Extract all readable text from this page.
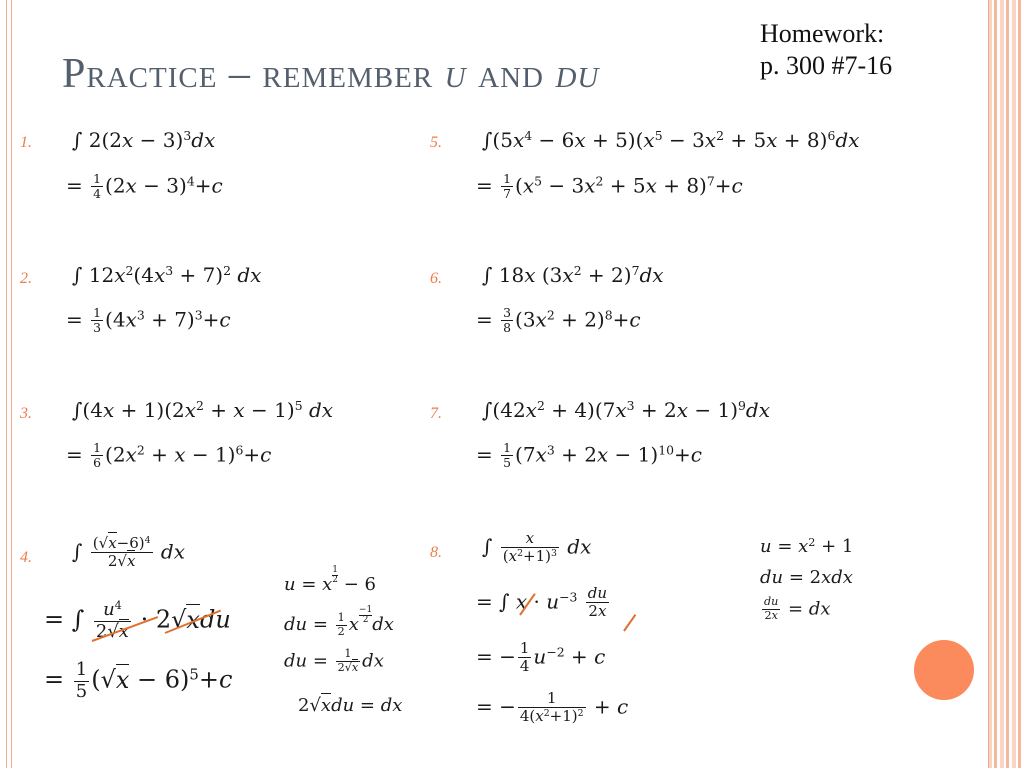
Practice – remember u and du
Homework:
p. 300 #7-16
1.
2.
3.
4.
5.
6.
7.
8.
∫ $2(2x - 3)^3dx$
= $\frac{1}{4} (2x - 3)^4+c$
∫ $12x^2(4x^3 + 7)^2$ dx
= $\frac{1}{3} (4x^3 + 7)^3+c$
$\int(4x + 1)(2x^2 + x - 1)^5$ dx
= $\frac{1}{6} (2x^2 + x - 1)^6+c$
∫ $\frac{(√x-6)^4}{2√x}$ dx
= ∫ $\frac{u^4}{2√x} \cdot 2√xdu$
= $\frac{1}{5} (√x - 6)^5+c$
u = x $\frac{1}{2} - 6$
du = $\frac{1}{2}$ x $\frac{-1}{2}$ dx
du = $\frac{1}{2√x}$ dx
2√xdu = dx
$\int(5x^4 - 6x + 5)(x^5 - 3x^2 + 5x + 8)^6dx$
= $\frac{1}{7} (x^5 - 3x^2 + 5x + 8)^7+c$
∫ 18x $(3x^2 + 2)^7dx$
= $\frac{3}{8} (3x^2 + 2)^8+c$
$\int(42x^2 + 4)(7x^3 + 2x - 1)^9dx$
= $\frac{1}{5} (7x^3 + 2x - 1)^{10}+c$
∫ $\frac{x}{(x^2+1)^3}$ dx
= ∫ $x \cdot u^{-3} \frac{du}{2x}$
= − $\frac{1}{4} u^{-2} + c$
= − $\frac{1}{4(x^2+1)^2} + c$
$u = x^2 + 1$
du = 2xdx
$\frac{du}{2x}$ = dx
